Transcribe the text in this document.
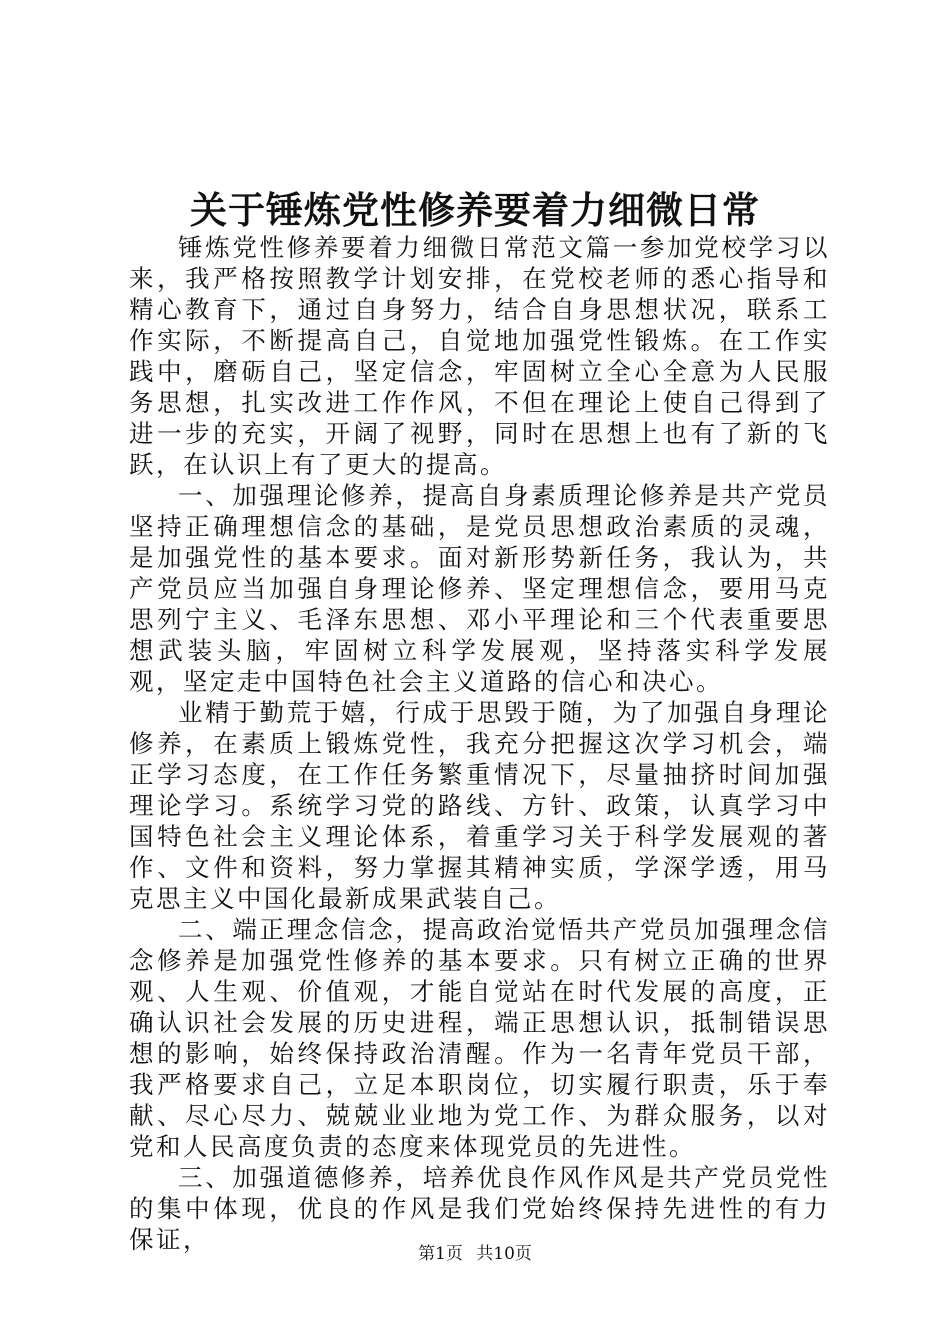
关于锤炼党性修养要着力细微日常

锤炼党性修养要着力细微日常范文篇一参加党校学习以来，我严格按照教学计划安排，在党校老师的悉心指导和精心教育下，通过自身努力，结合自身思想状况，联系工作实际，不断提高自己，自觉地加强党性锻炼。在工作实践中，磨砺自己，坚定信念，牢固树立全心全意为人民服务思想，扎实改进工作作风，不但在理论上使自己得到了进一步的充实，开阔了视野，同时在思想上也有了新的飞跃，在认识上有了更大的提高。

一、加强理论修养，提高自身素质理论修养是共产党员坚持正确理想信念的基础，是党员思想政治素质的灵魂，是加强党性的基本要求。面对新形势新任务，我认为，共产党员应当加强自身理论修养、坚定理想信念，要用马克思列宁主义、毛泽东思想、邓小平理论和三个代表重要思想武装头脑，牢固树立科学发展观，坚持落实科学发展观，坚定走中国特色社会主义道路的信心和决心。

业精于勤荒于嬉，行成于思毁于随，为了加强自身理论修养，在素质上锻炼党性，我充分把握这次学习机会，端正学习态度，在工作任务繁重情况下，尽量抽挤时间加强理论学习。系统学习党的路线、方针、政策，认真学习中国特色社会主义理论体系，着重学习关于科学发展观的著作、文件和资料，努力掌握其精神实质，学深学透，用马克思主义中国化最新成果武装自己。

二、端正理念信念，提高政治觉悟共产党员加强理念信念修养是加强党性修养的基本要求。只有树立正确的世界观、人生观、价值观，才能自觉站在时代发展的高度，正确认识社会发展的历史进程，端正思想认识，抵制错误思想的影响，始终保持政治清醒。作为一名青年党员干部，我严格要求自己，立足本职岗位，切实履行职责，乐于奉献、尽心尽力、兢兢业业地为党工作、为群众服务，以对党和人民高度负责的态度来体现党员的先进性。

三、加强道德修养，培养优良作风作风是共产党员党性的集中体现，优良的作风是我们党始终保持先进性的有力保证，	第1页 共10页
